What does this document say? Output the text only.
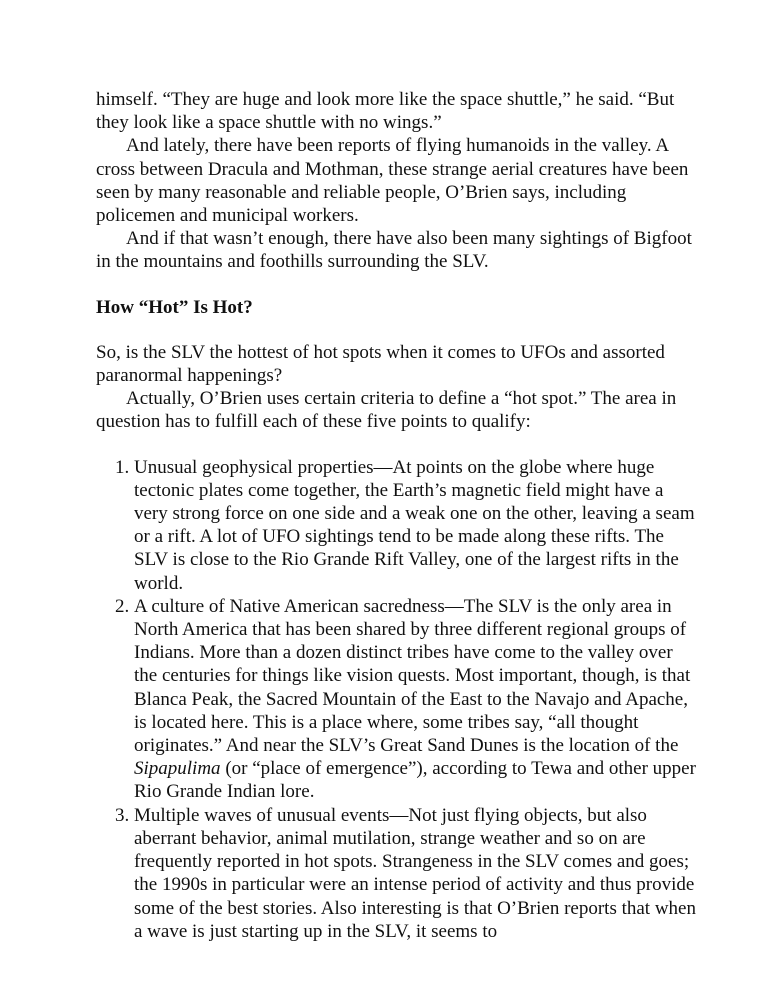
himself. “They are huge and look more like the space shuttle,” he said. “But they look like a space shuttle with no wings.”

And lately, there have been reports of flying humanoids in the valley. A cross between Dracula and Mothman, these strange aerial creatures have been seen by many reasonable and reliable people, O’Brien says, including policemen and municipal workers.

And if that wasn’t enough, there have also been many sightings of Bigfoot in the mountains and foothills surrounding the SLV.

How “Hot” Is Hot?

So, is the SLV the hottest of hot spots when it comes to UFOs and assorted paranormal happenings?

Actually, O’Brien uses certain criteria to define a “hot spot.” The area in question has to fulfill each of these five points to qualify:

1. Unusual geophysical properties—At points on the globe where huge tectonic plates come together, the Earth’s magnetic field might have a very strong force on one side and a weak one on the other, leaving a seam or a rift. A lot of UFO sightings tend to be made along these rifts. The SLV is close to the Rio Grande Rift Valley, one of the largest rifts in the world.
2. A culture of Native American sacredness—The SLV is the only area in North America that has been shared by three different regional groups of Indians. More than a dozen distinct tribes have come to the valley over the centuries for things like vision quests. Most important, though, is that Blanca Peak, the Sacred Mountain of the East to the Navajo and Apache, is located here. This is a place where, some tribes say, “all thought originates.” And near the SLV’s Great Sand Dunes is the location of the Sipapulima (or “place of emergence”), according to Tewa and other upper Rio Grande Indian lore.
3. Multiple waves of unusual events—Not just flying objects, but also aberrant behavior, animal mutilation, strange weather and so on are frequently reported in hot spots. Strangeness in the SLV comes and goes; the 1990s in particular were an intense period of activity and thus provide some of the best stories. Also interesting is that O’Brien reports that when a wave is just starting up in the SLV, it seems to
